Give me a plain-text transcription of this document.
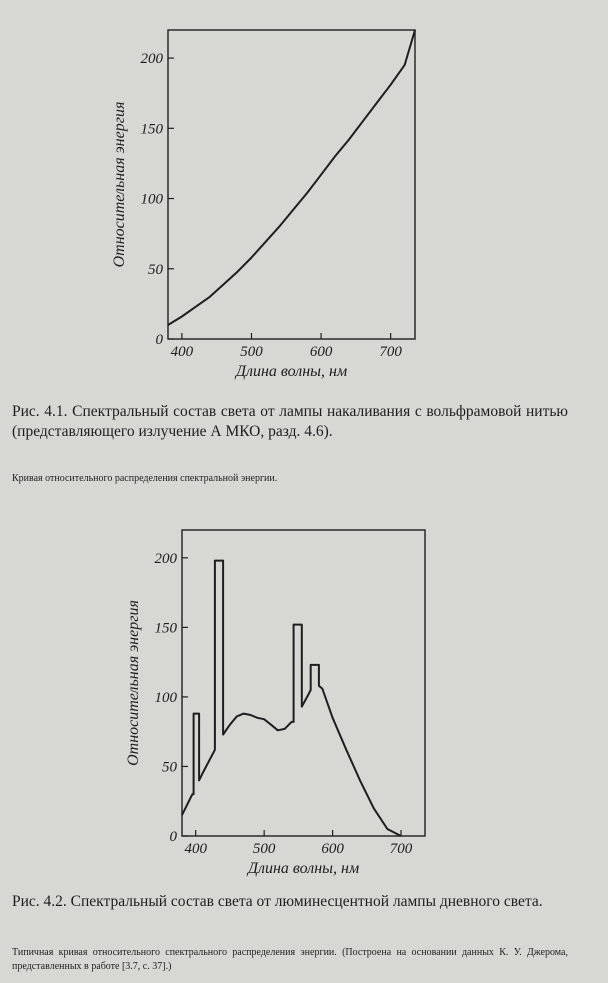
400	500	600	700
0
50
100
150
200
Длина волны, нм
Относительная энергия
Рис. 4.1. Спектральный состав света от лампы накаливания с вольфрамовой нитью (представляющего излучение А МКО, разд. 4.6).
Кривая относительного распределения спектральной энергии.
400	500	600	700
0
50
100
150
200
Длина волны, нм
Относительная энергия
Рис. 4.2. Спектральный состав света от люминесцентной лампы дневного света.
Типичная кривая относительного спектрального распределения энергии. (Построена на основании данных К. У. Джерома, представленных в работе [3.7, с. 37].)
